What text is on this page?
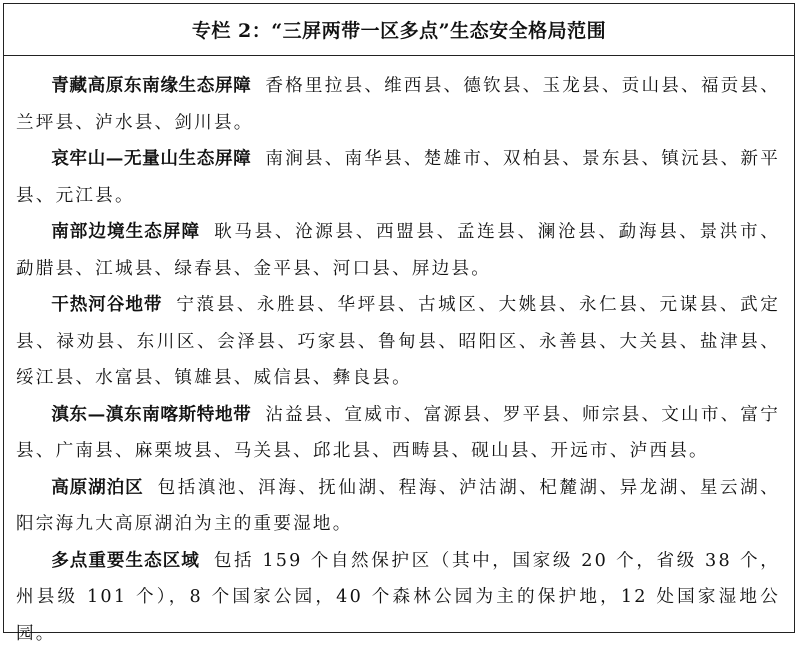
专栏 2：“三屏两带一区多点”生态安全格局范围

青藏高原东南缘生态屏障 香格里拉县、维西县、德钦县、玉龙县、贡山县、福贡县、兰坪县、泸水县、剑川县。

哀牢山—无量山生态屏障 南涧县、南华县、楚雄市、双柏县、景东县、镇沅县、新平县、元江县。

南部边境生态屏障 耿马县、沧源县、西盟县、孟连县、澜沧县、勐海县、景洪市、勐腊县、江城县、绿春县、金平县、河口县、屏边县。

干热河谷地带 宁蒗县、永胜县、华坪县、古城区、大姚县、永仁县、元谋县、武定县、禄劝县、东川区、会泽县、巧家县、鲁甸县、昭阳区、永善县、大关县、盐津县、绥江县、水富县、镇雄县、威信县、彝良县。

滇东—滇东南喀斯特地带 沾益县、宣威市、富源县、罗平县、师宗县、文山市、富宁县、广南县、麻栗坡县、马关县、邱北县、西畴县、砚山县、开远市、泸西县。

高原湖泊区 包括滇池、洱海、抚仙湖、程海、泸沽湖、杞麓湖、异龙湖、星云湖、阳宗海九大高原湖泊为主的重要湿地。

多点重要生态区域 包括 159 个自然保护区（其中，国家级 20 个，省级 38 个，州县级 101 个），8 个国家公园，40 个森林公园为主的保护地，12 处国家湿地公园。
